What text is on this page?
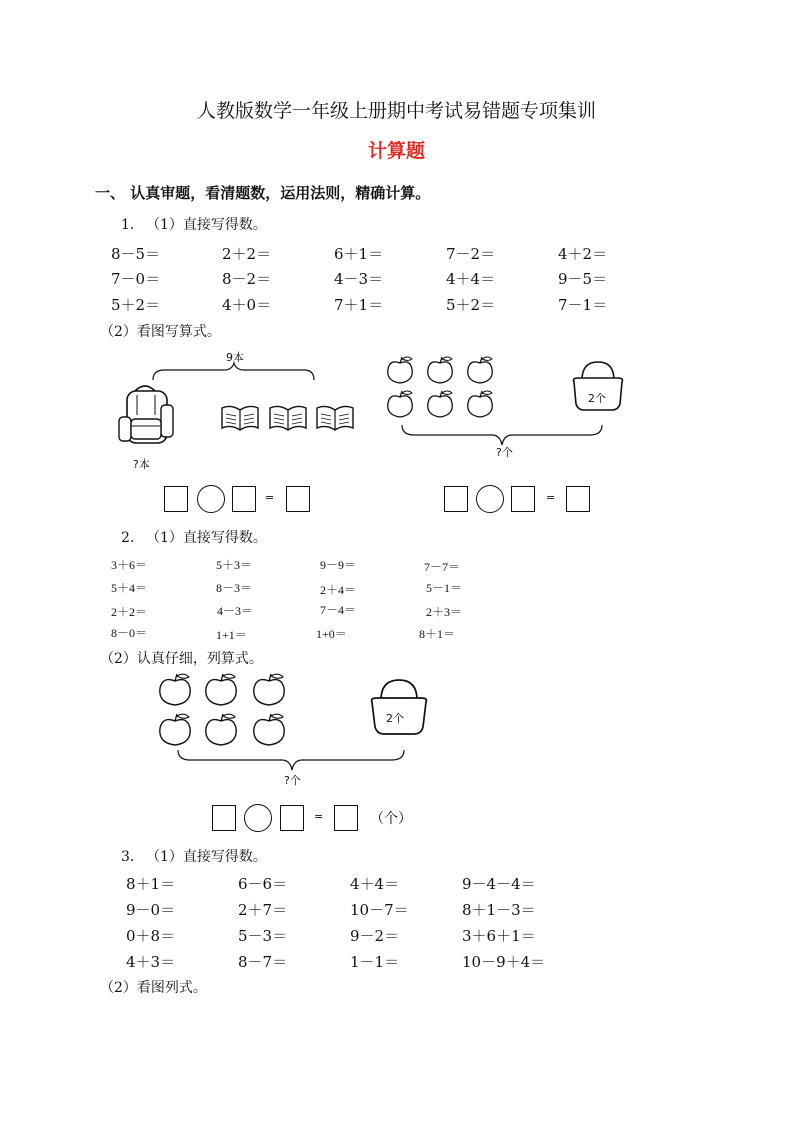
人教版数学一年级上册期中考试易错题专项集训
计算题
一、 认真审题，看清题数，运用法则，精确计算。
1． （1）直接写得数。
8－5＝	2＋2＝	6＋1＝	7－2＝	4＋2＝
7－0＝	8－2＝	4－3＝	4＋4＝	9－5＝
5＋2＝	4＋0＝	7＋1＝	5＋2＝	7－1＝
（2）看图写算式。
9本
?本
?个
2个
=	=
2． （1）直接写得数。
3＋6＝	5＋3＝	9－9＝	7－7＝
5＋4＝	8－3＝	2＋4＝	5－1＝
2＋2＝	4－3＝	7－4＝	2＋3＝
8－0＝	1+1＝	1+0＝	8＋1＝
（2）认真仔细，列算式。
2个
?个
=	（个）
3． （1）直接写得数。
8＋1＝	6－6＝	4＋4＝	9－4－4＝
9－0＝	2＋7＝	10－7＝	8＋1－3＝
0＋8＝	5－3＝	9－2＝	3＋6＋1＝
4＋3＝	8－7＝	1－1＝	10－9＋4＝
（2）看图列式。
